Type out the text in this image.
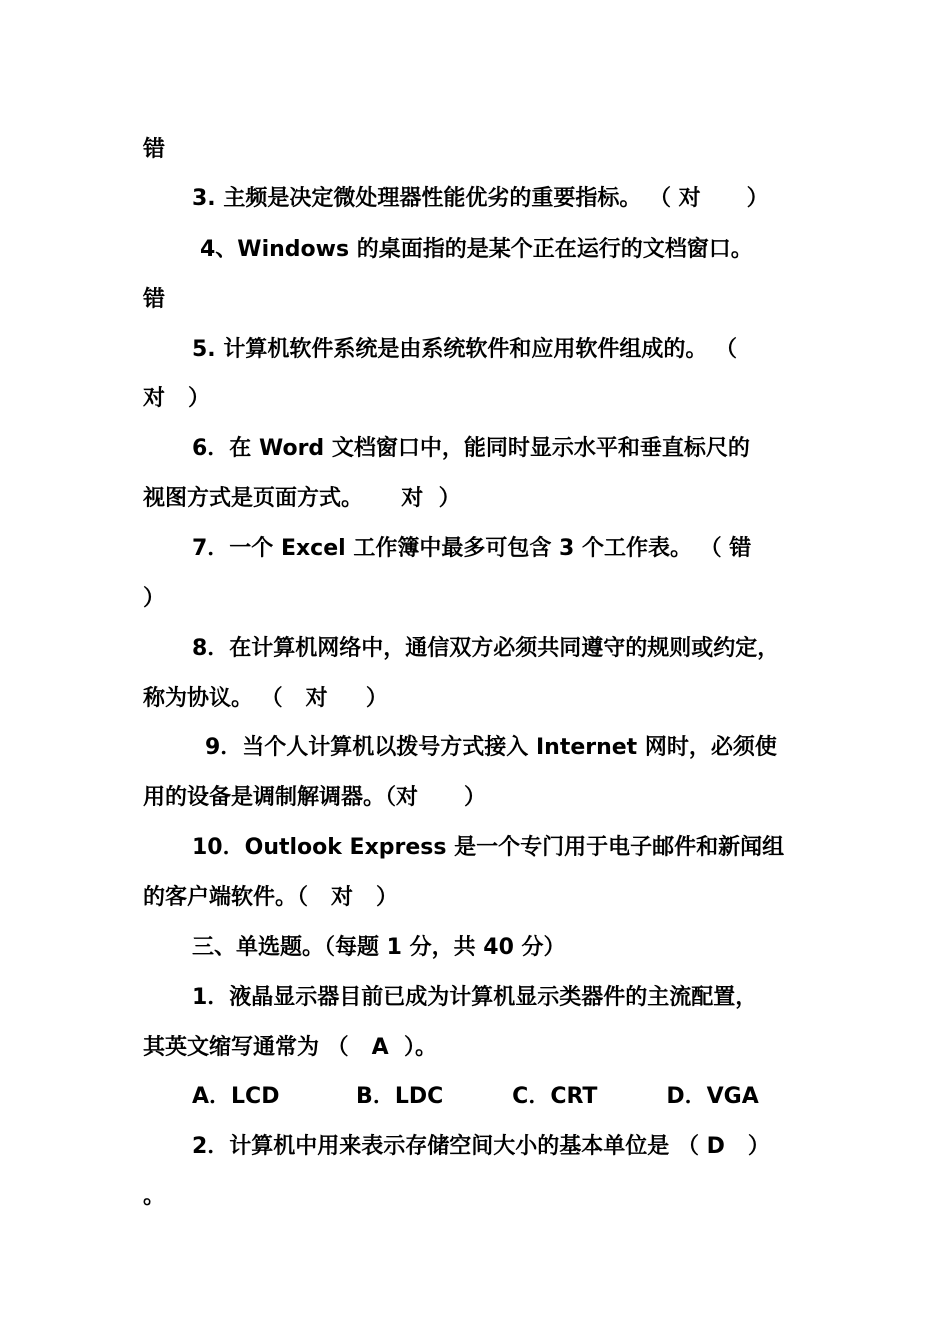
错
3. 主频是决定微处理器性能优劣的重要指标。 （ 对      ）
4、Windows 的桌面指的是某个正在运行的文档窗口。
错
5. 计算机软件系统是由系统软件和应用软件组成的。 （
对   ）
6．在 Word 文档窗口中，能同时显示水平和垂直标尺的
视图方式是页面方式。     对  ）
7．一个 Excel 工作簿中最多可包含 3 个工作表。 （ 错
）
8．在计算机网络中，通信双方必须共同遵守的规则或约定，
称为协议。 （   对     ）
9．当个人计算机以拨号方式接入 Internet 网时，必须使
用的设备是调制解调器。（对      ）
10．Outlook Express 是一个专门用于电子邮件和新闻组
的客户端软件。（   对   ）
三、单选题。（每题 1 分，共 40 分）
1．液晶显示器目前已成为计算机显示类器件的主流配置，
其英文缩写通常为 （   A  ）。
A．LCD          B．LDC         C．CRT         D．VGA
2．计算机中用来表示存储空间大小的基本单位是 （ D   ）
。
